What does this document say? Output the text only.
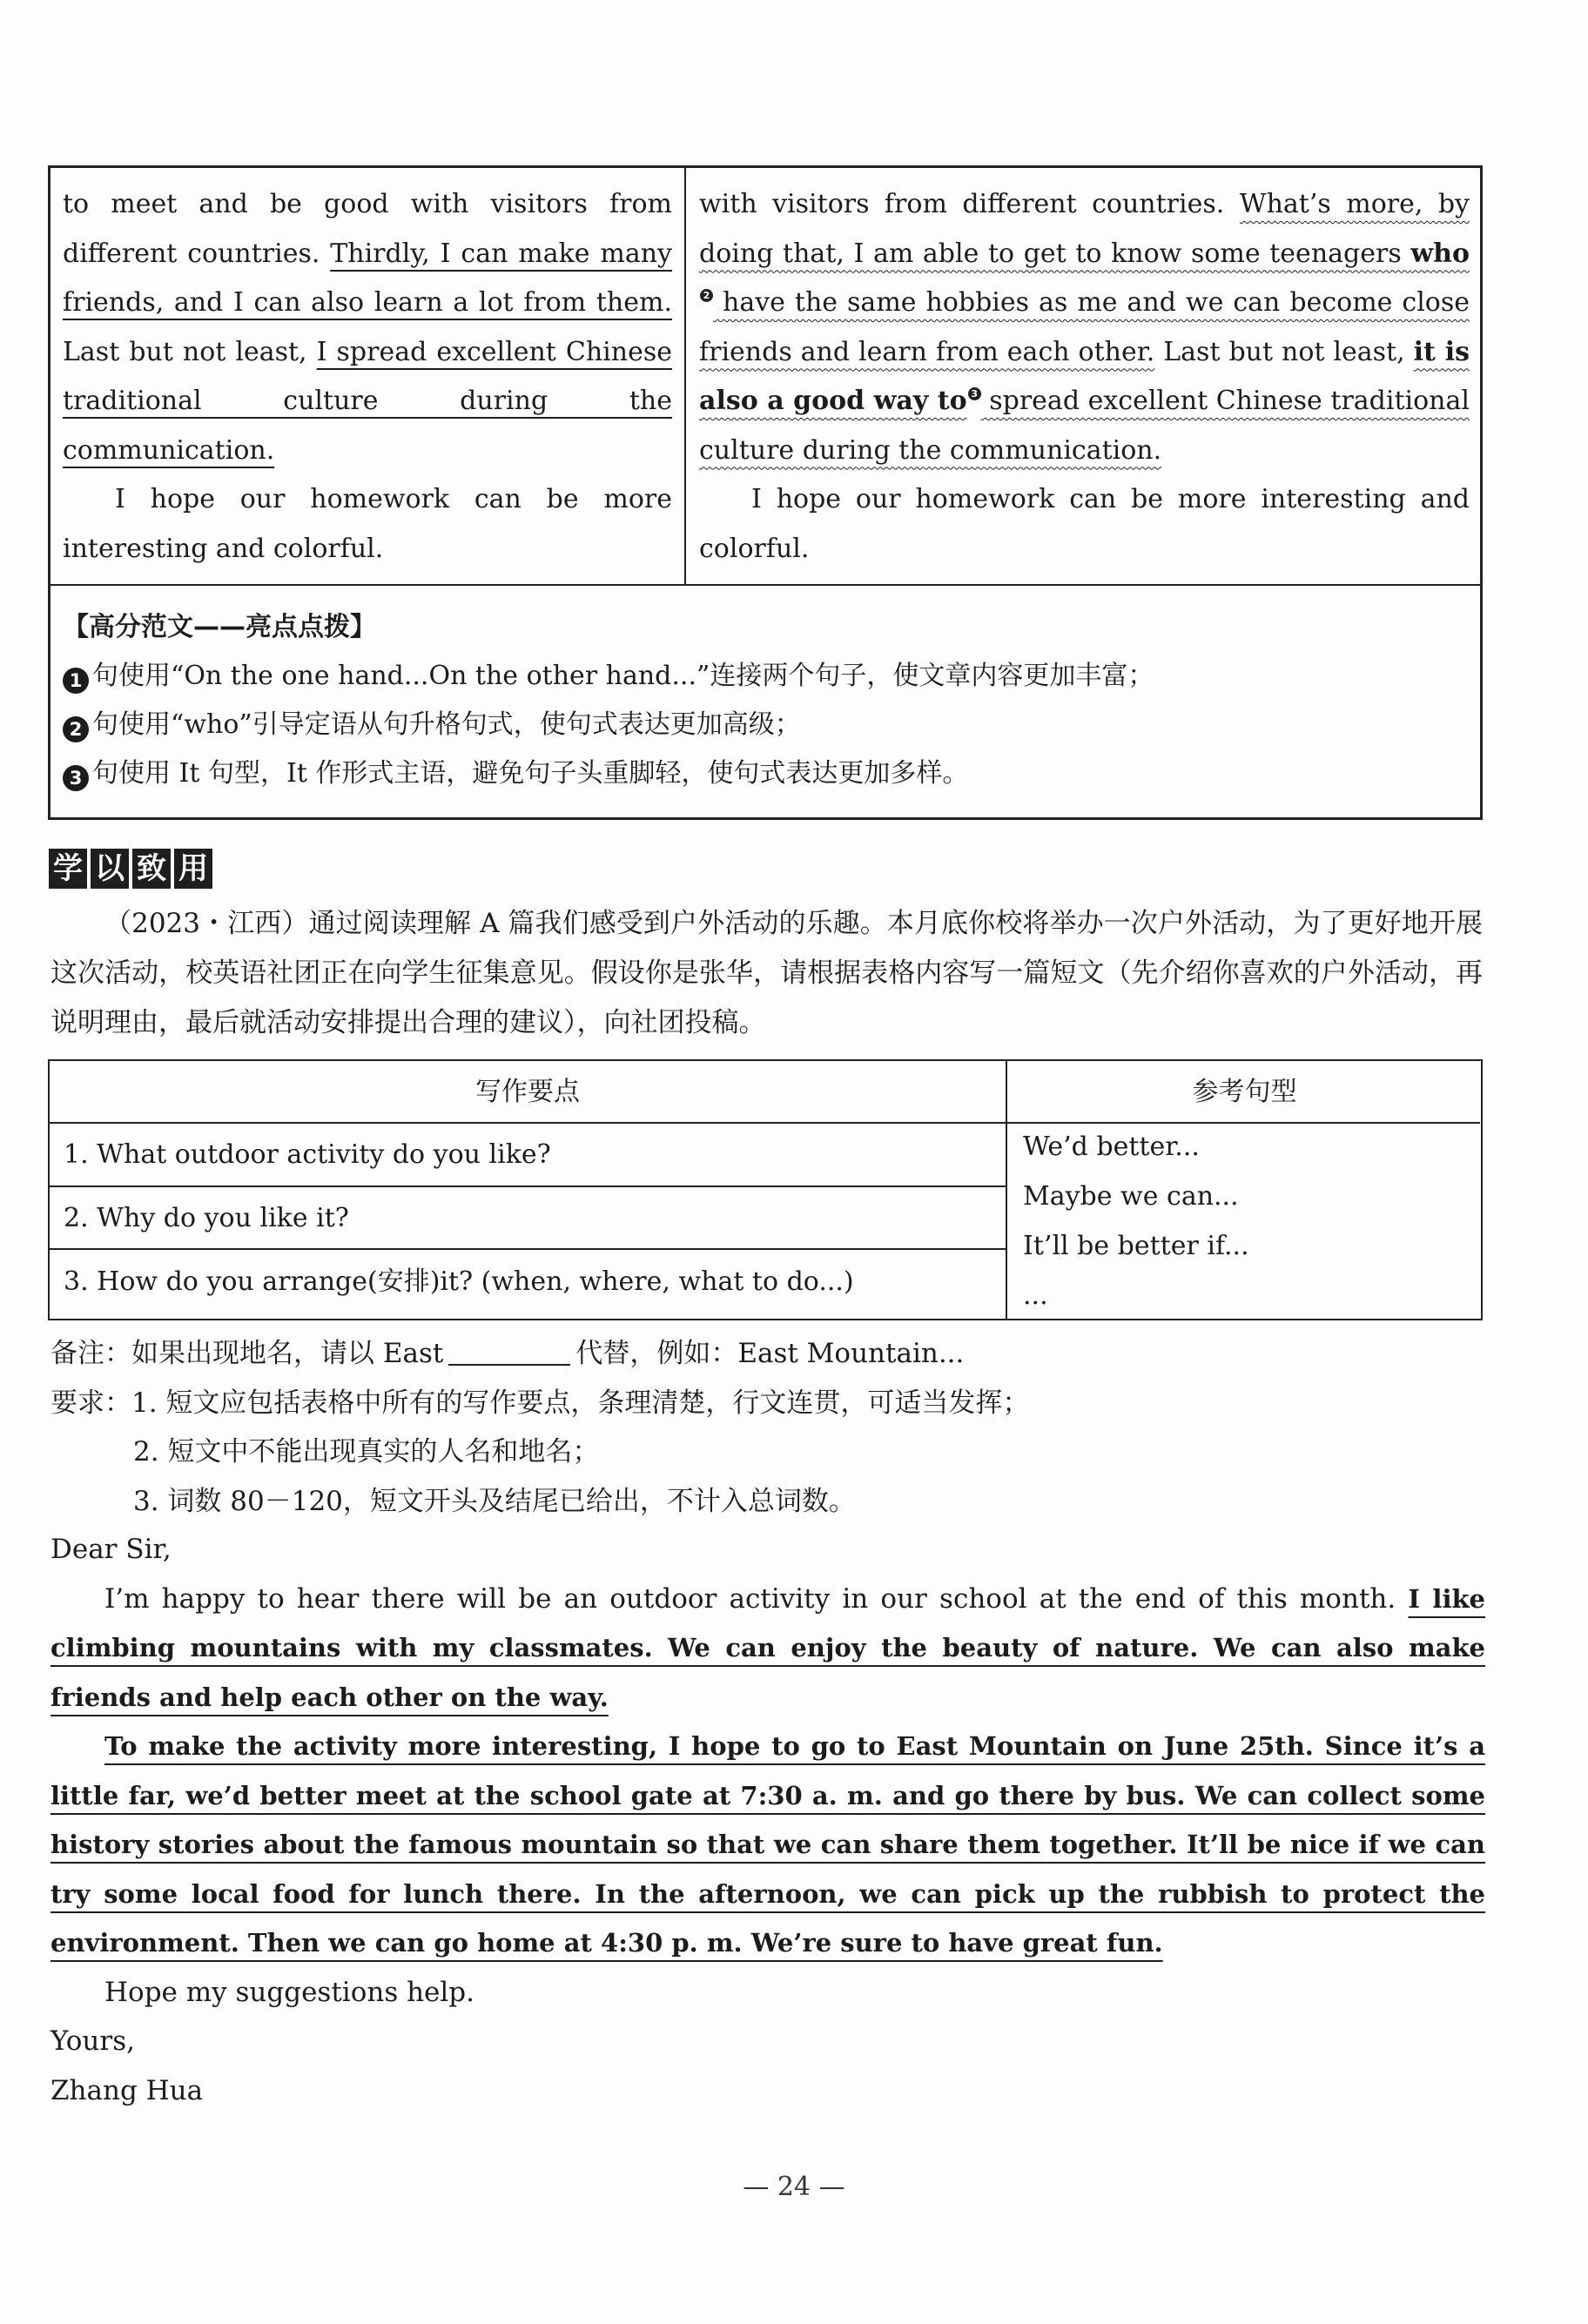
to meet and be good with visitors from different countries. Thirdly, I can make many friends, and I can also learn a lot from them. Last but not least, I spread excellent Chinese traditional culture during the communication.

I hope our homework can be more interesting and colorful.

with visitors from different countries. What’s more, by doing that, I am able to get to know some teenagers who2 have the same hobbies as me and we can become close friends and learn from each other. Last but not least, it is also a good way to 3 spread excellent Chinese traditional culture during the communication.

I hope our homework can be more interesting and colorful.

【高分范文——亮点点拨】
1 句使用“On the one hand...On the other hand...”连接两个句子，使文章内容更加丰富；
2 句使用“who”引导定语从句升格句式，使句式表达更加高级；
3 句使用 It 句型，It 作形式主语，避免句子头重脚轻，使句式表达更加多样。
学 以 致 用

（2023・江西）通过阅读理解 A 篇我们感受到户外活动的乐趣。本月底你校将举办一次户外活动，为了更好地开展这次活动，校英语社团正在向学生征集意见。假设你是张华，请根据表格内容写一篇短文（先介绍你喜欢的户外活动，再说明理由，最后就活动安排提出合理的建议），向社团投稿。

写作要点	参考句型
1. What outdoor activity do you like?
2. Why do you like it?
3. How do you arrange(安排)it? (when, where, what to do...)
We’d better...
Maybe we can...
It’ll be better if...
...
备注：如果出现地名，请以 East	代替，例如：East Mountain...
要求：1. 短文应包括表格中所有的写作要点，条理清楚，行文连贯，可适当发挥；
2. 短文中不能出现真实的人名和地名；
3. 词数 80－120，短文开头及结尾已给出，不计入总词数。

Dear Sir,

I’m happy to hear there will be an outdoor activity in our school at the end of this month. I like climbing mountains with my classmates. We can enjoy the beauty of nature. We can also make friends and help each other on the way.

To make the activity more interesting, I hope to go to East Mountain on June 25th. Since it’s a little far, we’d better meet at the school gate at 7:30 a. m. and go there by bus. We can collect some history stories about the famous mountain so that we can share them together. It’ll be nice if we can try some local food for lunch there. In the afternoon, we can pick up the rubbish to protect the environment. Then we can go home at 4:30 p. m. We’re sure to have great fun.

Hope my suggestions help.

Yours,

Zhang Hua

— 24 —
